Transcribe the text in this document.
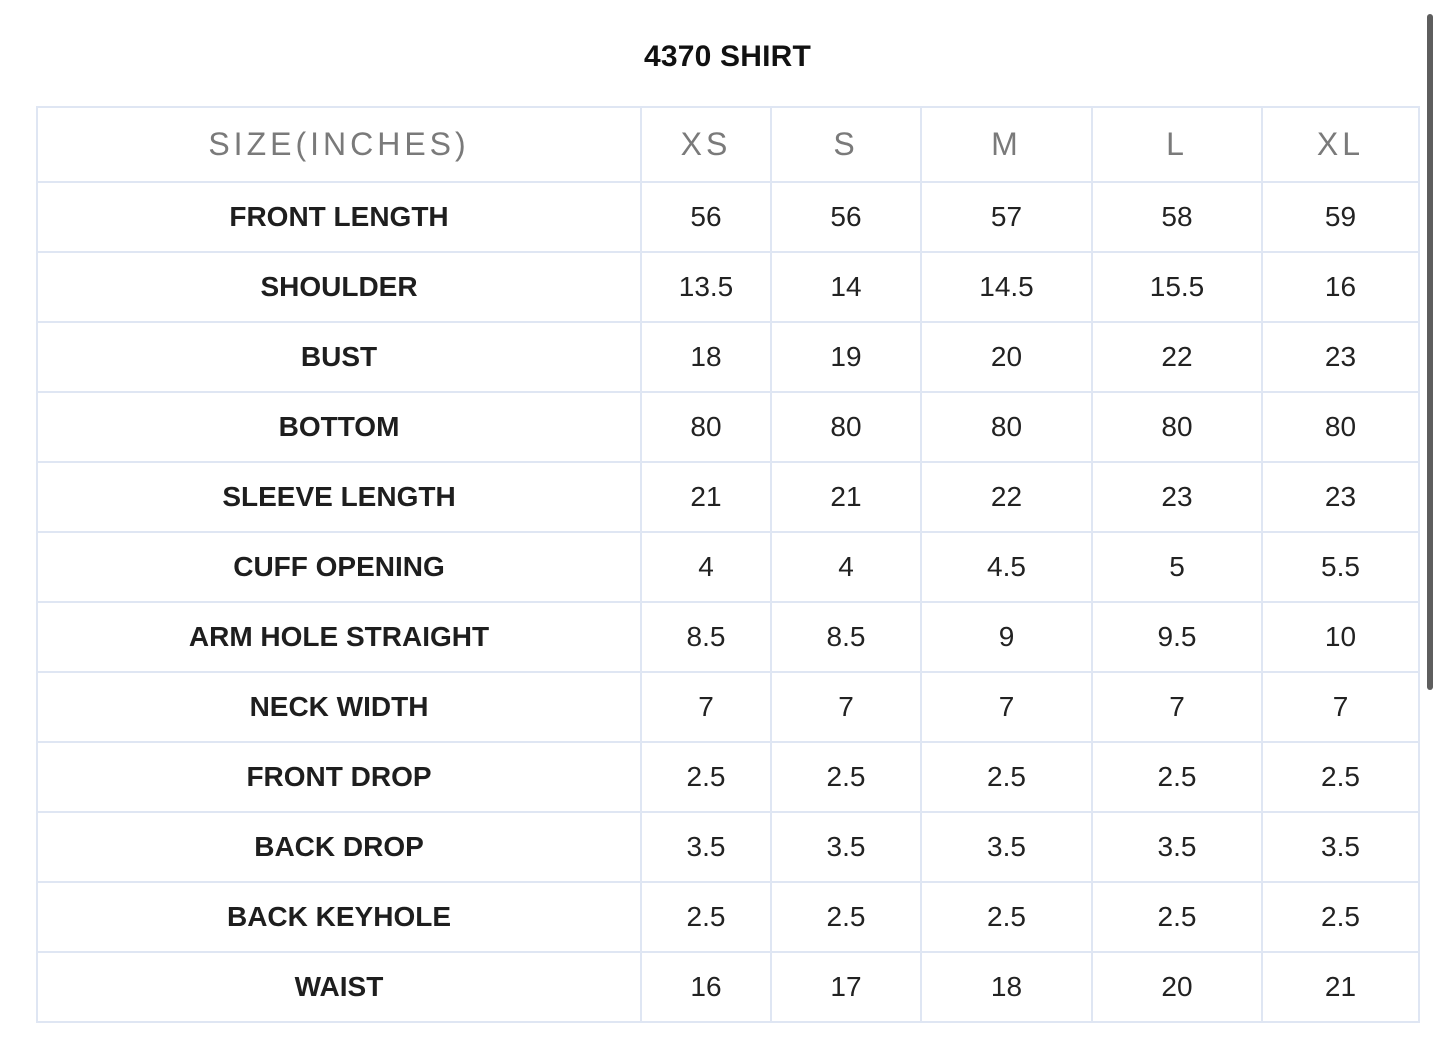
4370 SHIRT
SIZE(INCHES)	XS	S	M	L	XL
FRONT LENGTH	56	56	57	58	59
SHOULDER	13.5	14	14.5	15.5	16
BUST	18	19	20	22	23
BOTTOM	80	80	80	80	80
SLEEVE LENGTH	21	21	22	23	23
CUFF OPENING	4	4	4.5	5	5.5
ARM HOLE STRAIGHT	8.5	8.5	9	9.5	10
NECK WIDTH	7	7	7	7	7
FRONT DROP	2.5	2.5	2.5	2.5	2.5
BACK DROP	3.5	3.5	3.5	3.5	3.5
BACK KEYHOLE	2.5	2.5	2.5	2.5	2.5
WAIST	16	17	18	20	21
